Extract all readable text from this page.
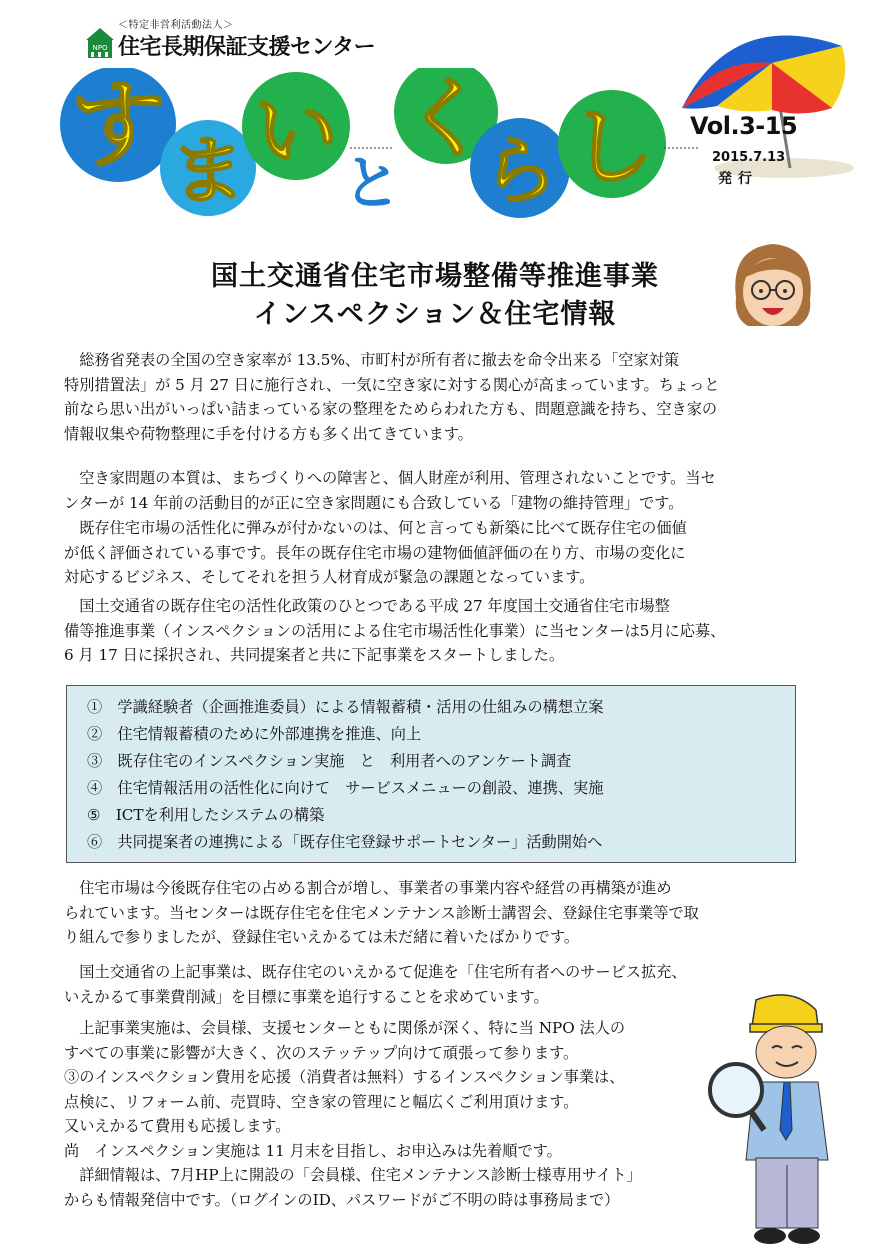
NPO
＜特定非営利活動法人＞
住宅長期保証支援センター
す ま い
と
く
ら し Vol.3-15
2015.7.13
発行
国土交通省住宅市場整備等推進事業
インスペクション＆住宅情報
　総務省発表の全国の空き家率が 13.5%、市町村が所有者に撤去を命令出来る「空家対策
特別措置法」が 5 月 27 日に施行され、一気に空き家に対する関心が高まっています。ちょっと
前なら思い出がいっぱい詰まっている家の整理をためらわれた方も、問題意識を持ち、空き家の
情報収集や荷物整理に手を付ける方も多く出てきています。
　空き家問題の本質は、まちづくりへの障害と、個人財産が利用、管理されないことです。当セ
ンターが 14 年前の活動目的が正に空き家問題にも合致している「建物の維持管理」です。
　既存住宅市場の活性化に弾みが付かないのは、何と言っても新築に比べて既存住宅の価値
が低く評価されている事です。長年の既存住宅市場の建物価値評価の在り方、市場の変化に
対応するビジネス、そしてそれを担う人材育成が緊急の課題となっています。
　国土交通省の既存住宅の活性化政策のひとつである平成 27 年度国土交通省住宅市場整
備等推進事業（インスペクションの活用による住宅市場活性化事業）に当センターは5月に応募、
6 月 17 日に採択され、共同提案者と共に下記事業をスタートしました。
①　学識経験者（企画推進委員）による情報蓄積・活用の仕組みの構想立案
②　住宅情報蓄積のために外部連携を推進、向上
③　既存住宅のインスペクション実施　と　利用者へのアンケート調査
④　住宅情報活用の活性化に向けて　サービスメニューの創設、連携、実施
⑤　ICTを利用したシステムの構築
⑥　共同提案者の連携による「既存住宅登録サポートセンター」活動開始へ
　住宅市場は今後既存住宅の占める割合が増し、事業者の事業内容や経営の再構築が進め
られています。当センターは既存住宅を住宅メンテナンス診断士講習会、登録住宅事業等で取
り組んで参りましたが、登録住宅いえかるては未だ緒に着いたばかりです。
　国土交通省の上記事業は、既存住宅のいえかるて促進を「住宅所有者へのサービス拡充、
いえかるて事業費削減」を目標に事業を追行することを求めています。
　上記事業実施は、会員様、支援センターともに関係が深く、特に当 NPO 法人の
すべての事業に影響が大きく、次のステッテップ向けて頑張って参ります。
③のインスペクション費用を応援（消費者は無料）するインスペクション事業は、
点検に、リフォーム前、売買時、空き家の管理にと幅広くご利用頂けます。
又いえかるて費用も応援します。
尚　インスペクション実施は 11 月末を目指し、お申込みは先着順です。
　詳細情報は、7月HP上に開設の「会員様、住宅メンテナンス診断士様専用サイト」
からも情報発信中です。（ログインのID、パスワードがご不明の時は事務局まで）
